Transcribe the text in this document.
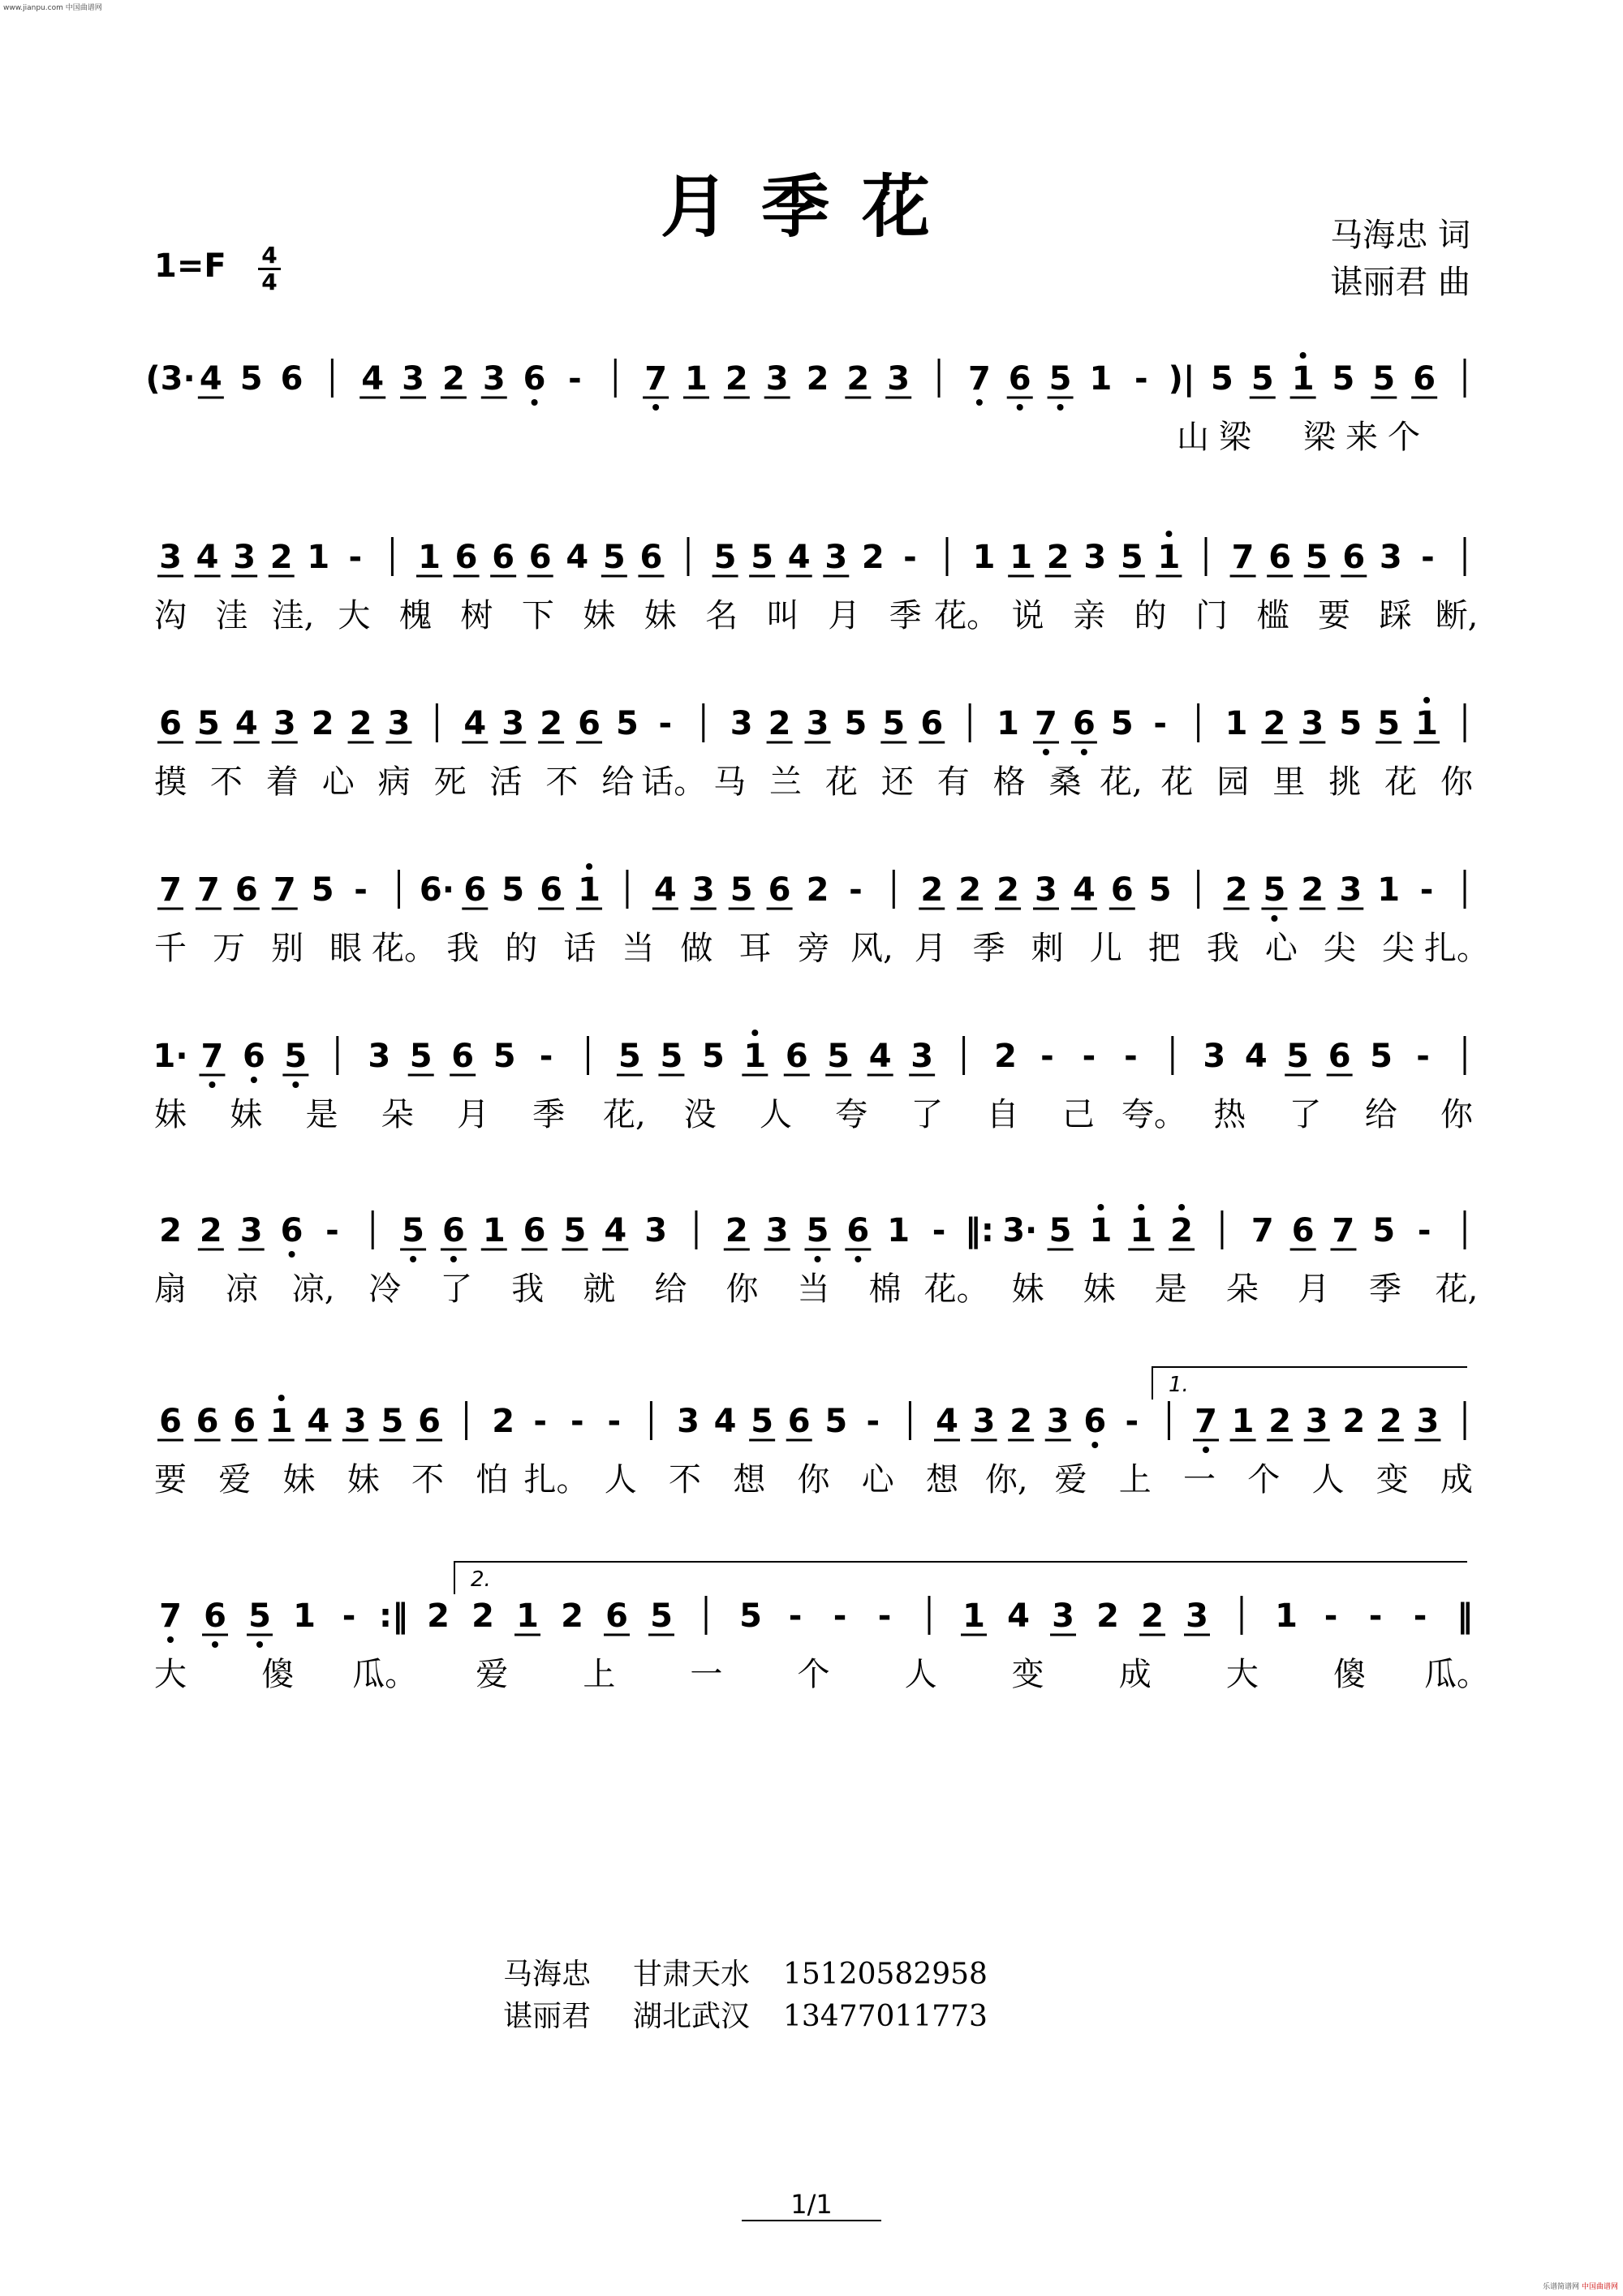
www.jianpu.com 中国曲谱网
月季花	马海忠 词
谌丽君 曲
1=F 4
4
(3· 4 5 6 4 3 2 3 6 - 7 1 2 3 2 2 3 7 6 5 1 - )| 5 5 1 5 5 6
山 梁 梁 来 个
3 4 3 2 1 - 1 6 6 6 4 5 6 5 5 4 3 2 - 1 1 2 3 5 1 7 6 5 6 3 -
沟 洼 洼, 大 槐 树 下 妹 妹 名 叫 月 季 花。 说 亲 的 门 槛 要 踩 断,
6 5 4 3 2 2 3 4 3 2 6 5 - 3 2 3 5 5 6 1 7 6 5 - 1 2 3 5 5 1
摸 不 着 心 病 死 活 不 给 话。 马 兰 花 还 有 格 桑 花, 花 园 里 挑 花 你
7 7 6 7 5 - 6· 6 5 6 1 4 3 5 6 2 - 2 2 2 3 4 6 5 2 5 2 3 1 -
千 万 别 眼 花。 我 的 话 当 做 耳 旁 风, 月 季 刺 儿 把 我 心 尖 尖 扎。
1· 7 6 5 3 5 6 5 - 5 5 5 1 6 5 4 3 2 - - - 3 4 5 6 5 -
妹 妹 是 朵 月 季 花, 没 人 夸 了 自 己 夸。 热 了 给 你
2 2 3 6 - 5 6 1 6 5 4 3 2 3 5 6 1 - ‖: 3· 5 1 1 2 7 6 7 5 -
扇 凉 凉, 冷 了 我 就 给 你 当 棉 花。 妹 妹 是 朵 月 季 花,
6 6 6 1 4 3 5 6 2 - - - 3 4 5 6 5 - 4 3 2 3 6 - 7 1 2 3 2 2 3
1.
要 爱 妹 妹 不 怕 扎。 人 不 想 你 心 想 你, 爱 上 一 个 人 变 成
7 6 5 1 - :‖ 2 2 1 2 6 5 5 - - - 1 4 3 2 2 3 1 - - - ‖
2.
大 傻 瓜。 爱 上 一 个 人 变 成 大 傻 瓜。
马海忠 甘肃天水 15120582958
谌丽君 湖北武汉 13477011773
1/1
乐谱简谱网 中国曲谱网
